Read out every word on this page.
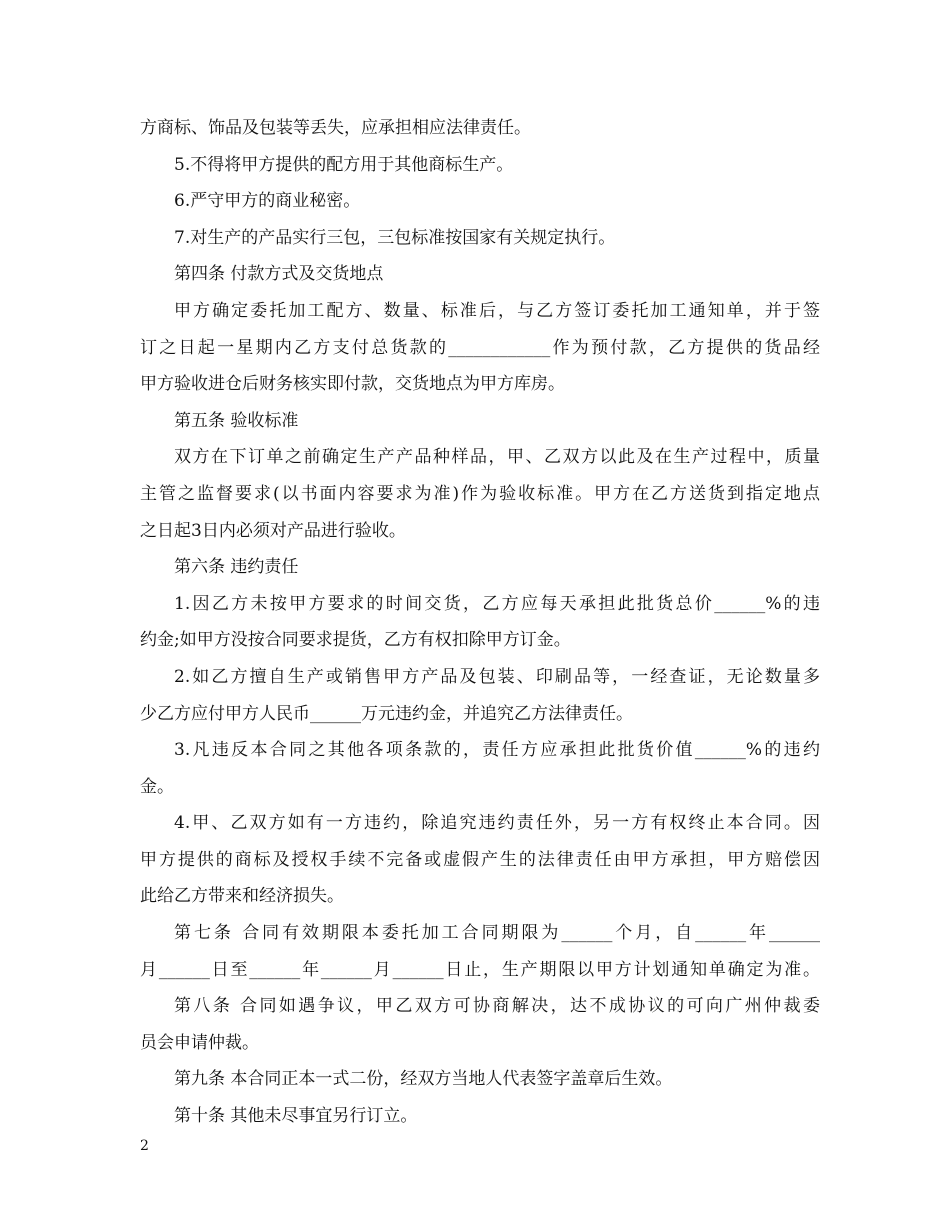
方商标、饰品及包装等丢失，应承担相应法律责任。
5.不得将甲方提供的配方用于其他商标生产。
6.严守甲方的商业秘密。
7.对生产的产品实行三包，三包标准按国家有关规定执行。
第四条 付款方式及交货地点
甲方确定委托加工配方、数量、标准后，与乙方签订委托加工通知单，并于签
订之日起一星期内乙方支付总货款的____________作为预付款，乙方提供的货品经
甲方验收进仓后财务核实即付款，交货地点为甲方库房。
第五条 验收标准
双方在下订单之前确定生产产品种样品，甲、乙双方以此及在生产过程中，质量
主管之监督要求(以书面内容要求为准)作为验收标准。甲方在乙方送货到指定地点
之日起3日内必须对产品进行验收。
第六条 违约责任
1.因乙方未按甲方要求的时间交货，乙方应每天承担此批货总价______%的违
约金;如甲方没按合同要求提货，乙方有权扣除甲方订金。
2.如乙方擅自生产或销售甲方产品及包装、印刷品等，一经查证，无论数量多
少乙方应付甲方人民币______万元违约金，并追究乙方法律责任。
3.凡违反本合同之其他各项条款的，责任方应承担此批货价值______%的违约
金。
4.甲、乙双方如有一方违约，除追究违约责任外，另一方有权终止本合同。因
甲方提供的商标及授权手续不完备或虚假产生的法律责任由甲方承担，甲方赔偿因
此给乙方带来和经济损失。
第七条 合同有效期限本委托加工合同期限为______个月，自______年______
月______日至______年______月______日止，生产期限以甲方计划通知单确定为准。
第八条 合同如遇争议，甲乙双方可协商解决，达不成协议的可向广州仲裁委
员会申请仲裁。
第九条 本合同正本一式二份，经双方当地人代表签字盖章后生效。
第十条 其他未尽事宜另行订立。
2
